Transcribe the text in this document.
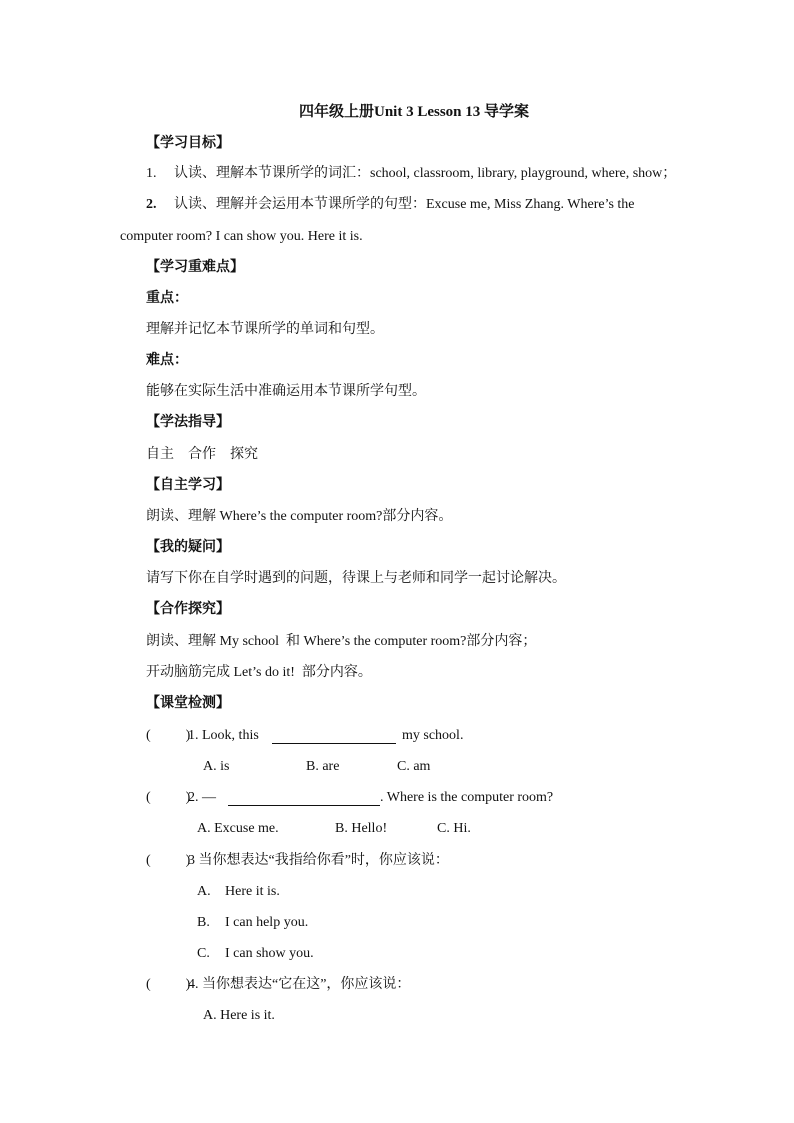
四年级上册Unit 3 Lesson 13 导学案
【学习目标】
1. 认读、理解本节课所学的词汇：school, classroom, library, playground, where, show；
2. 认读、理解并会运用本节课所学的句型：Excuse me, Miss Zhang. Where’s the
computer room? I can show you. Here it is.
【学习重难点】
重点：
理解并记忆本节课所学的单词和句型。
难点：
能够在实际生活中准确运用本节课所学句型。
【学法指导】
自主    合作    探究
【自主学习】
朗读、理解 Where’s the computer room?部分内容。
【我的疑问】
请写下你在自学时遇到的问题，待课上与老师和同学一起讨论解决。
【合作探究】
朗读、理解 My school  和 Where’s the computer room?部分内容；
开动脑筋完成 Let’s do it!  部分内容。
【课堂检测】
(          )
1. Look, this	my school.
A. is	B. are	C. am
(          )
2. —	. Where is the computer room?
A. Excuse me.	B. Hello!	C. Hi.
(          )
3 当你想表达“我指给你看”时，你应该说：
A. Here it is.
B. I can help you.
C. I can show you.
(          )
4. 当你想表达“它在这”，你应该说：
A. Here is it.
